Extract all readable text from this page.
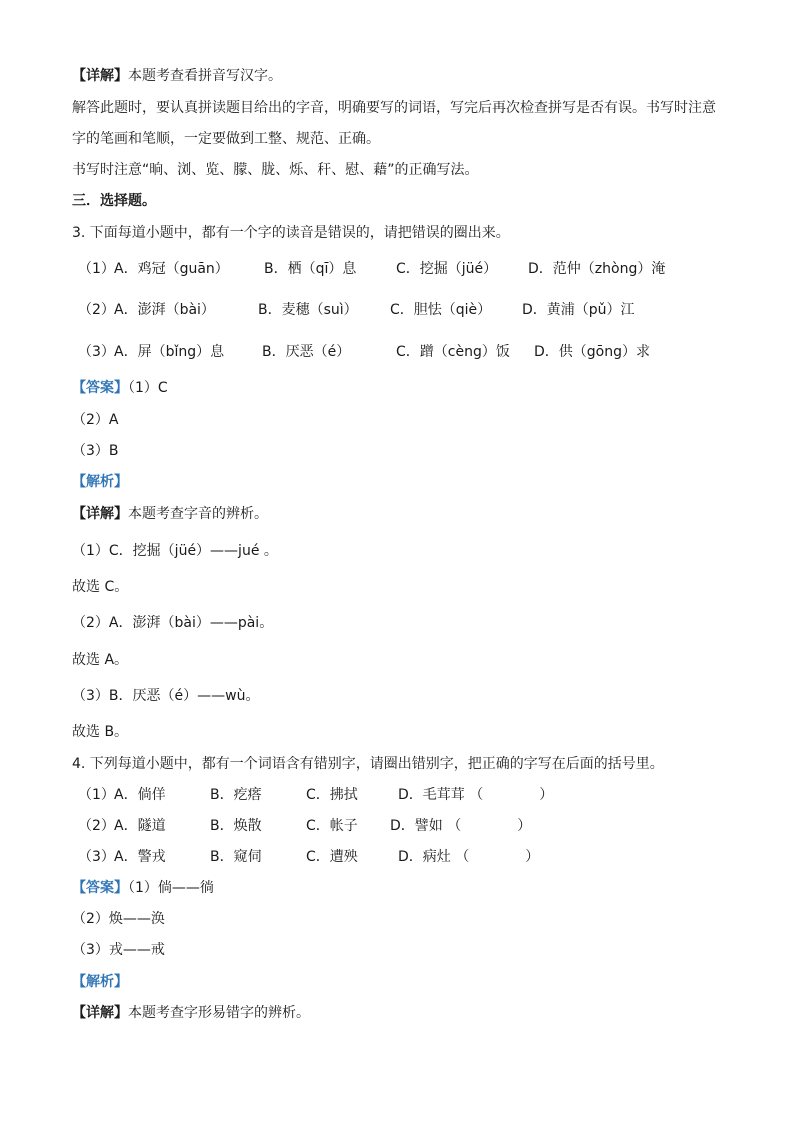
【详解】本题考查看拼音写汉字。
解答此题时，要认真拼读题目给出的字音，明确要写的词语，写完后再次检查拼写是否有误。书写时注意
字的笔画和笔顺，一定要做到工整、规范、正确。
书写时注意“晌、浏、览、朦、胧、烁、秆、慰、藉”的正确写法。
三．选择题。
3. 下面每道小题中，都有一个字的读音是错误的，请把错误的圈出来。
（1） A．鸡冠（guān）	B．栖（qī）息	C．挖掘（jüé） D．范仲（zhòng）淹
（2） A．澎湃（bài）	B．麦穗（suì） C．胆怯（qiè） D．黄浦（pǔ）江
（3） A．屏（bǐng）息	B．厌恶（é）	C．蹭（cèng）饭 D．供（gōng）求
【答案】（1）C
（2）A
（3）B
【解析】
【详解】本题考查字音的辨析。
（1）C．挖掘（jüé）——jué 。
故选 C。
（2）A．澎湃（bài）——pài。
故选 A。
（3）B．厌恶（é）——wù。
故选 B。
4. 下列每道小题中，都有一个词语含有错别字，请圈出错别字，把正确的字写在后面的括号里。
（1） A．倘佯	B．疙瘩	C．拂拭	D．毛茸茸 （　　　　）
（2） A．隧道	B．焕散	C．帐子 D．譬如 （　　　　）
（3） A．警戎	B．窥伺	C．遭殃	D．病灶 （　　　　）
【答案】（1）倘——徜
（2）焕——涣
（3）戎——戒
【解析】
【详解】本题考查字形易错字的辨析。
